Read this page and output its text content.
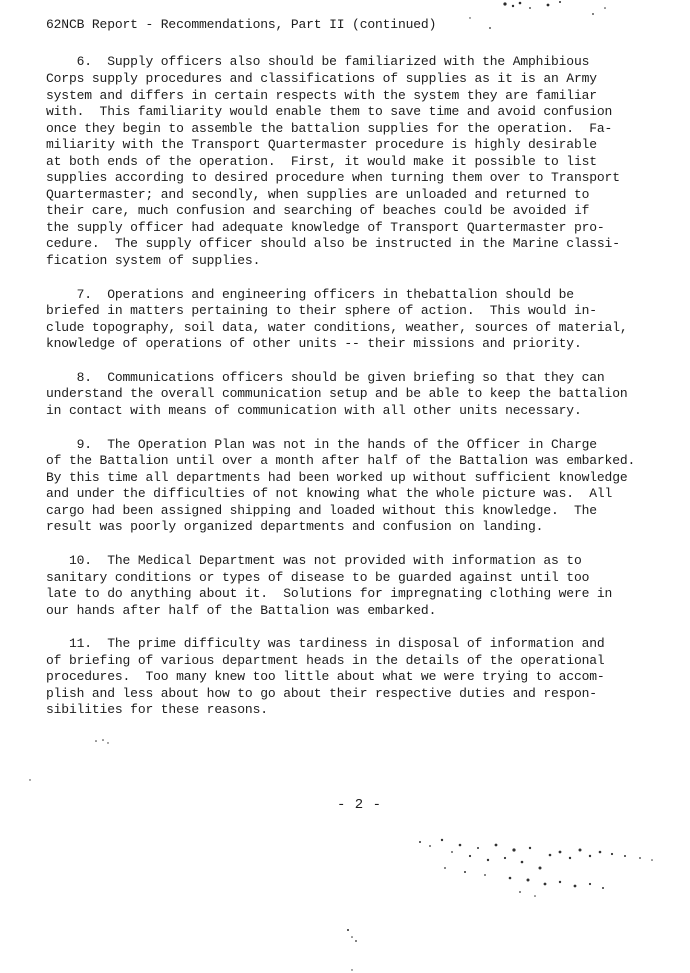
62NCB Report - Recommendations, Part II (continued)
6.  Supply officers also should be familiarized with the Amphibious
Corps supply procedures and classifications of supplies as it is an Army
system and differs in certain respects with the system they are familiar
with.  This familiarity would enable them to save time and avoid confusion
once they begin to assemble the battalion supplies for the operation.  Fa-
miliarity with the Transport Quartermaster procedure is highly desirable
at both ends of the operation.  First, it would make it possible to list
supplies according to desired procedure when turning them over to Transport
Quartermaster; and secondly, when supplies are unloaded and returned to
their care, much confusion and searching of beaches could be avoided if
the supply officer had adequate knowledge of Transport Quartermaster pro-
cedure.  The supply officer should also be instructed in the Marine classi-
fication system of supplies.
7.  Operations and engineering officers in thebattalion should be
briefed in matters pertaining to their sphere of action.  This would in-
clude topography, soil data, water conditions, weather, sources of material,
knowledge of operations of other units -- their missions and priority.
8.  Communications officers should be given briefing so that they can
understand the overall communication setup and be able to keep the battalion
in contact with means of communication with all other units necessary.
9.  The Operation Plan was not in the hands of the Officer in Charge
of the Battalion until over a month after half of the Battalion was embarked.
By this time all departments had been worked up without sufficient knowledge
and under the difficulties of not knowing what the whole picture was.  All
cargo had been assigned shipping and loaded without this knowledge.  The
result was poorly organized departments and confusion on landing.
10.  The Medical Department was not provided with information as to
sanitary conditions or types of disease to be guarded against until too
late to do anything about it.  Solutions for impregnating clothing were in
our hands after half of the Battalion was embarked.
11.  The prime difficulty was tardiness in disposal of information and
of briefing of various department heads in the details of the operational
procedures.  Too many knew too little about what we were trying to accom-
plish and less about how to go about their respective duties and respon-
sibilities for these reasons.
- 2 -
